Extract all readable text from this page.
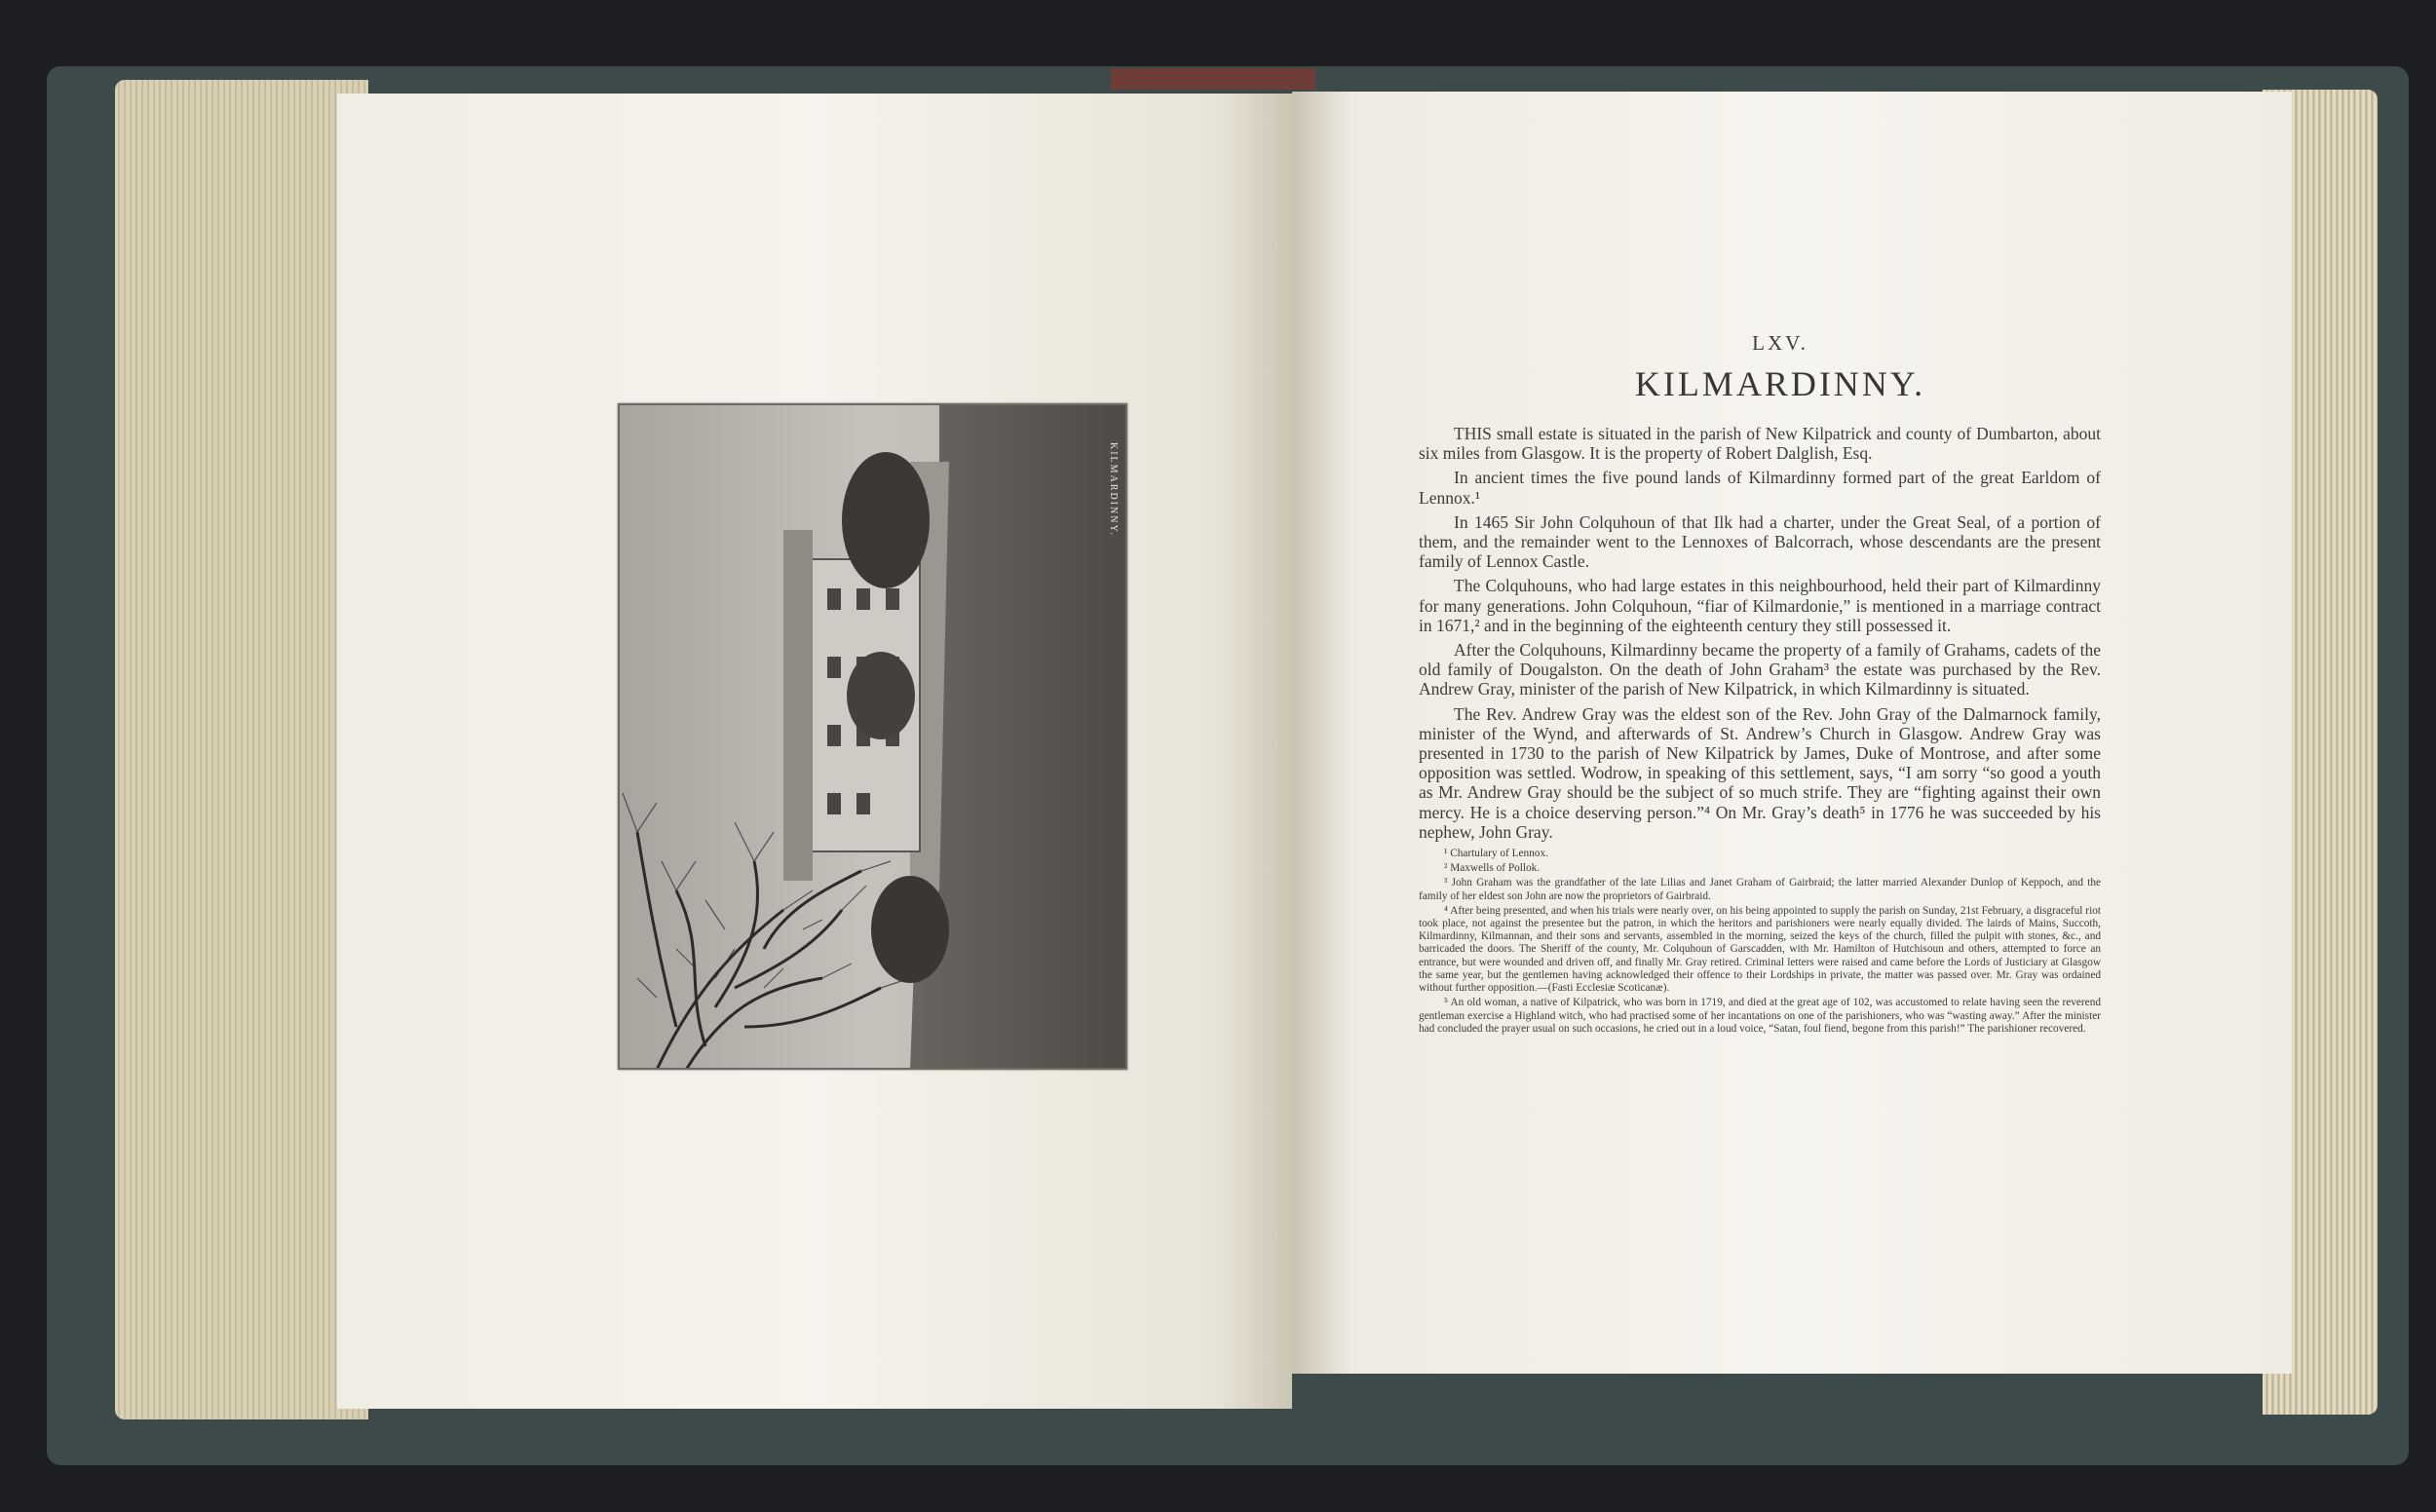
KILMARDINNY.
LXV.
KILMARDINNY.

THIS small estate is situated in the parish of New Kilpatrick and county of Dumbarton, about six miles from Glasgow. It is the property of Robert Dalglish, Esq.

In ancient times the five pound lands of Kilmardinny formed part of the great Earldom of Lennox.¹

In 1465 Sir John Colquhoun of that Ilk had a charter, under the Great Seal, of a portion of them, and the remainder went to the Lennoxes of Balcorrach, whose descendants are the present family of Lennox Castle.

The Colquhouns, who had large estates in this neighbourhood, held their part of Kilmardinny for many generations. John Colquhoun, “fiar of Kilmardonie,” is mentioned in a marriage contract in 1671,² and in the beginning of the eighteenth century they still possessed it.

After the Colquhouns, Kilmardinny became the property of a family of Grahams, cadets of the old family of Dougalston. On the death of John Graham³ the estate was purchased by the Rev. Andrew Gray, minister of the parish of New Kilpatrick, in which Kilmardinny is situated.

The Rev. Andrew Gray was the eldest son of the Rev. John Gray of the Dalmarnock family, minister of the Wynd, and afterwards of St. Andrew’s Church in Glasgow. Andrew Gray was presented in 1730 to the parish of New Kilpatrick by James, Duke of Montrose, and after some opposition was settled. Wodrow, in speaking of this settlement, says, “I am sorry “so good a youth as Mr. Andrew Gray should be the subject of so much strife. They are “fighting against their own mercy. He is a choice deserving person.”⁴ On Mr. Gray’s death⁵ in 1776 he was succeeded by his nephew, John Gray.

¹ Chartulary of Lennox.

² Maxwells of Pollok.

³ John Graham was the grandfather of the late Lilias and Janet Graham of Gairbraid; the latter married Alexander Dunlop of Keppoch, and the family of her eldest son John are now the proprietors of Gairbraid.

⁴ After being presented, and when his trials were nearly over, on his being appointed to supply the parish on Sunday, 21st February, a disgraceful riot took place, not against the presentee but the patron, in which the heritors and parishioners were nearly equally divided. The lairds of Mains, Succoth, Kilmardinny, Kilmannan, and their sons and servants, assembled in the morning, seized the keys of the church, filled the pulpit with stones, &c., and barricaded the doors. The Sheriff of the county, Mr. Colquhoun of Garscadden, with Mr. Hamilton of Hutchisoun and others, attempted to force an entrance, but were wounded and driven off, and finally Mr. Gray retired. Criminal letters were raised and came before the Lords of Justiciary at Glasgow the same year, but the gentlemen having acknowledged their offence to their Lordships in private, the matter was passed over. Mr. Gray was ordained without further opposition.—(Fasti Ecclesiæ Scoticanæ).

⁵ An old woman, a native of Kilpatrick, who was born in 1719, and died at the great age of 102, was accustomed to relate having seen the reverend gentleman exercise a Highland witch, who had practised some of her incantations on one of the parishioners, who was “wasting away.” After the minister had concluded the prayer usual on such occasions, he cried out in a loud voice, “Satan, foul fiend, begone from this parish!” The parishioner recovered.
